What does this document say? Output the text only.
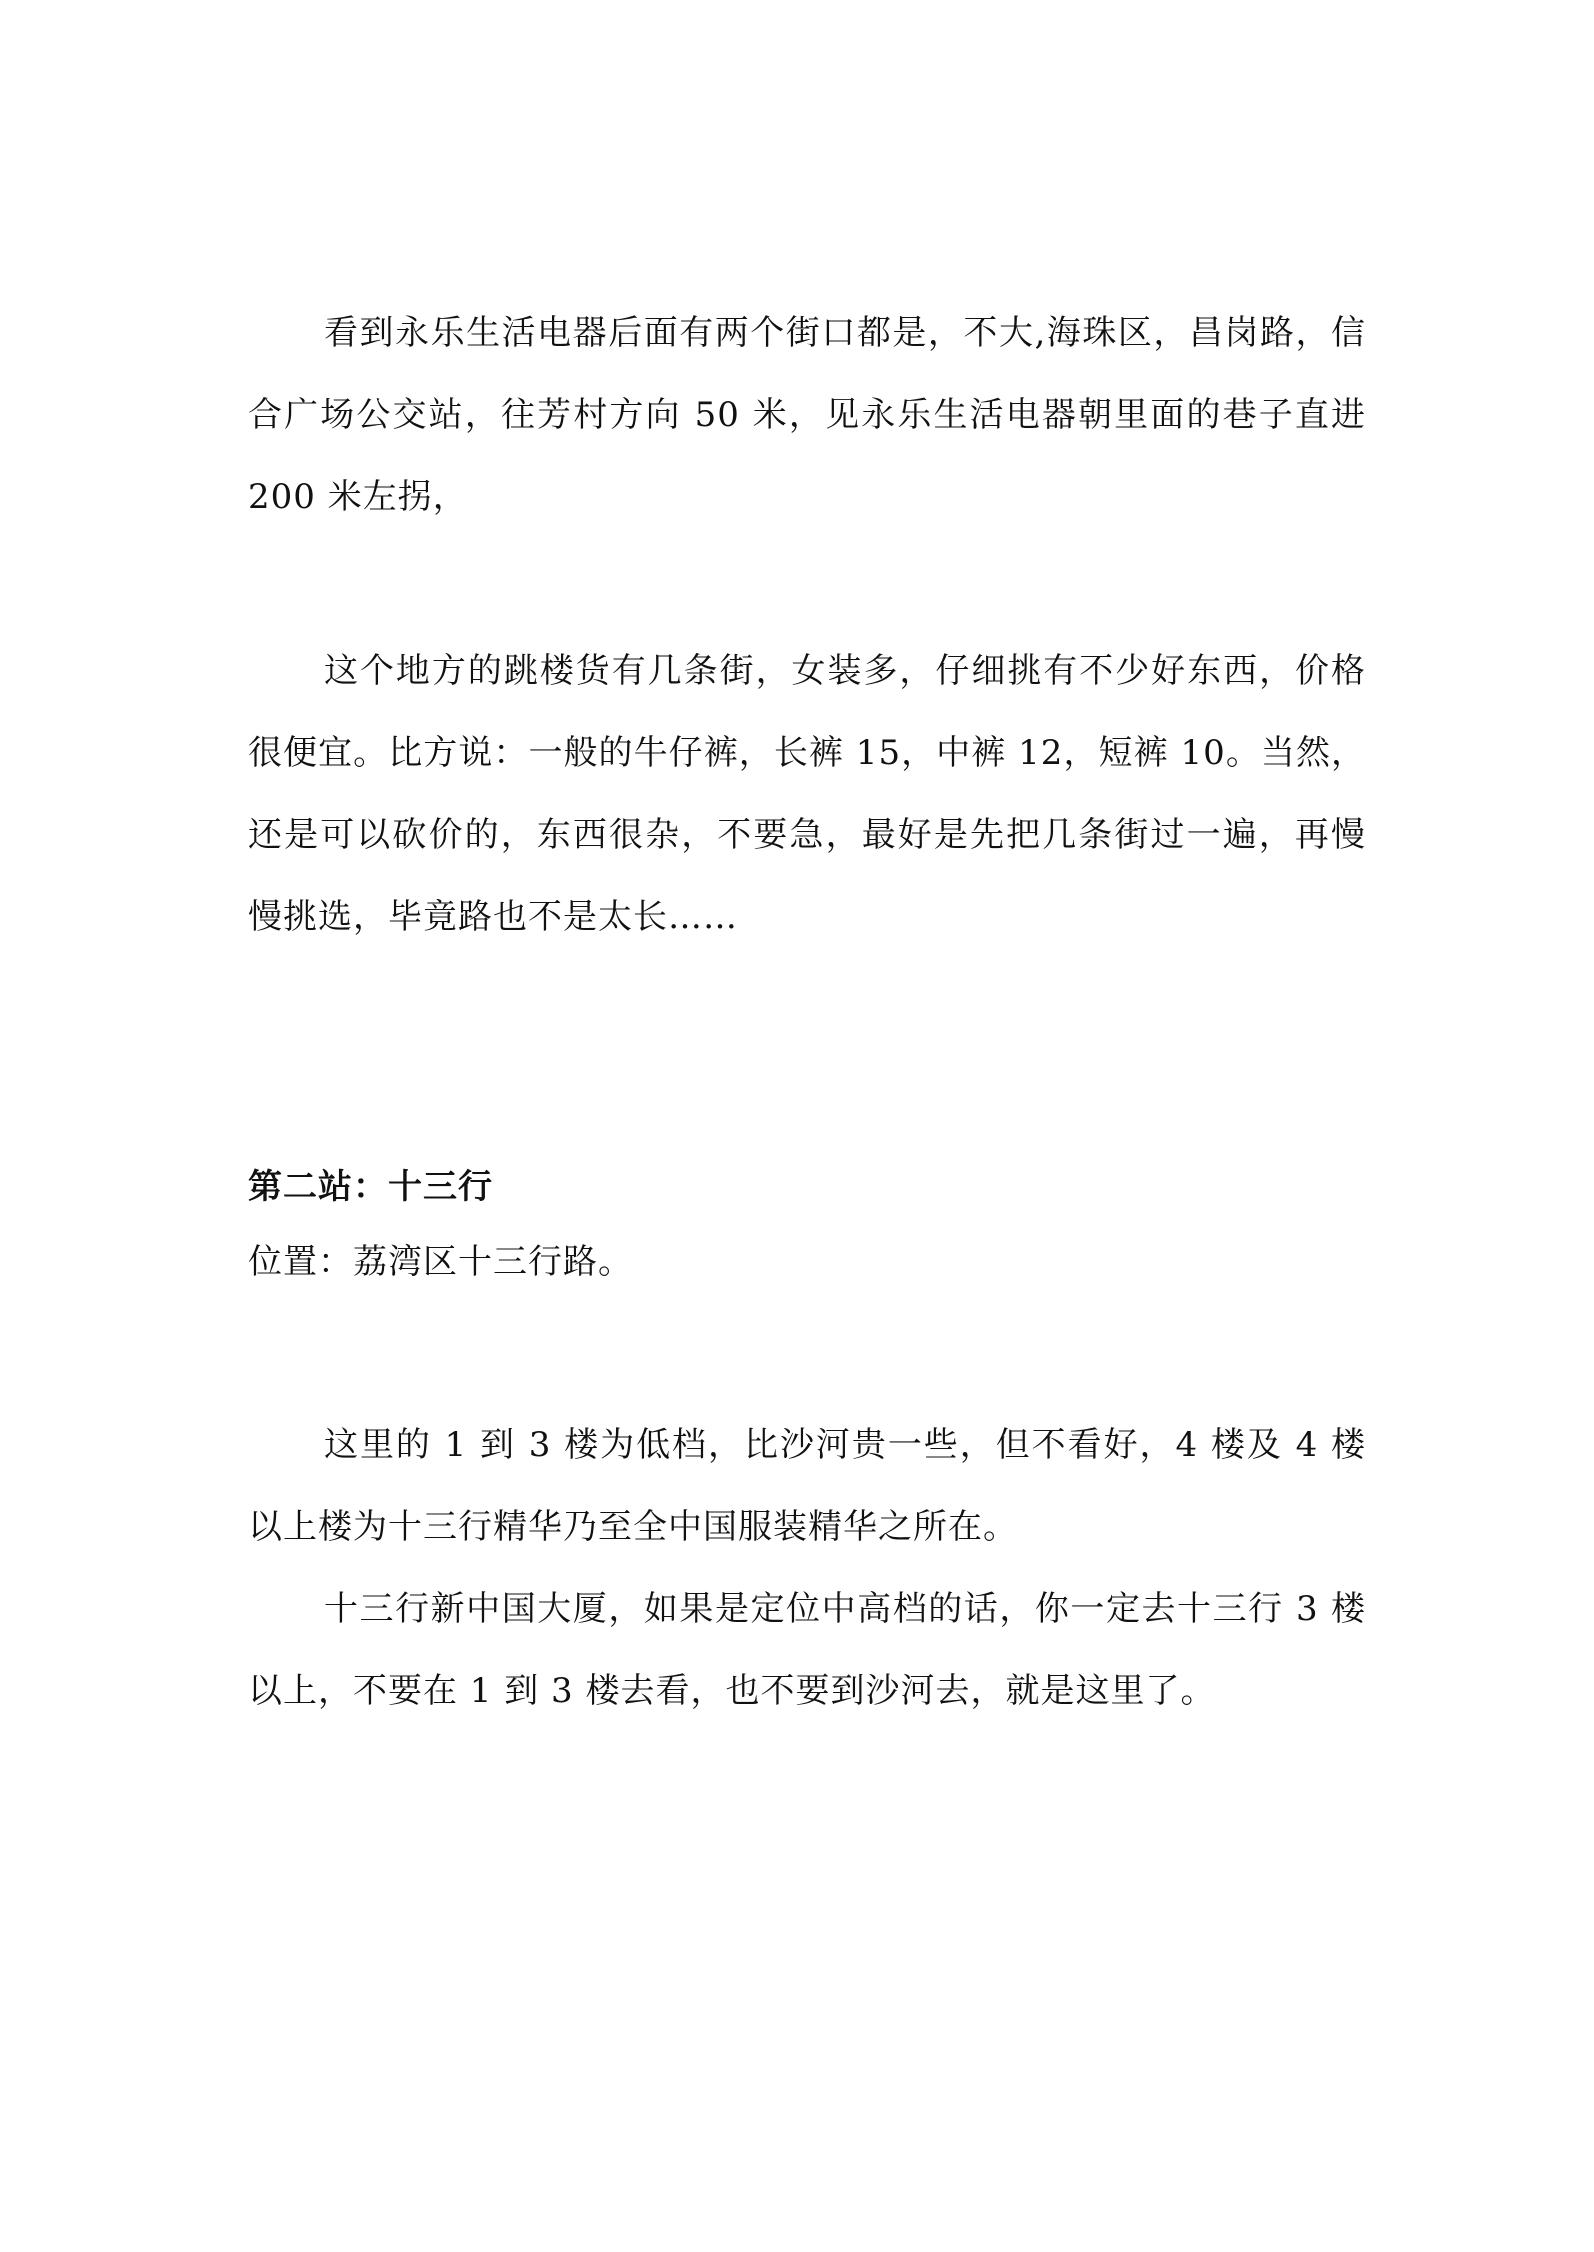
看到永乐生活电器后面有两个街口都是，不大,海珠区，昌岗路，信合广场公交站，往芳村方向 50 米，见永乐生活电器朝里面的巷子直进 200 米左拐，

这个地方的跳楼货有几条街，女装多，仔细挑有不少好东西，价格很便宜。比方说：一般的牛仔裤，长裤 15，中裤 12，短裤 10。当然，还是可以砍价的，东西很杂，不要急，最好是先把几条街过一遍，再慢慢挑选，毕竟路也不是太长……

第二站：十三行

位置：荔湾区十三行路。

这里的 1 到 3 楼为低档，比沙河贵一些，但不看好，4 楼及 4 楼以上楼为十三行精华乃至全中国服装精华之所在。

十三行新中国大厦，如果是定位中高档的话，你一定去十三行 3 楼以上，不要在 1 到 3 楼去看，也不要到沙河去，就是这里了。
